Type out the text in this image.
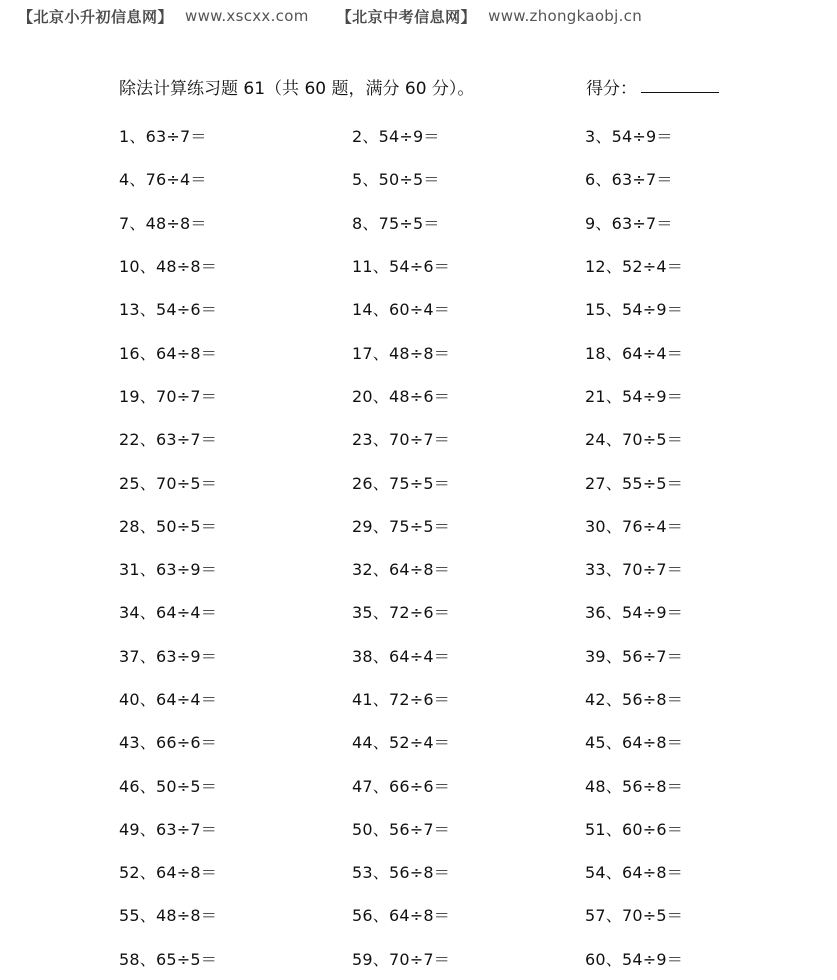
【北京小升初信息网】 www.xscxx.com 【北京中考信息网】 www.zhongkaobj.cn
除法计算练习题 61（共 60 题，满分 60 分）。	得分：
1、63÷7＝	2、54÷9＝	3、54÷9＝
4、76÷4＝	5、50÷5＝	6、63÷7＝
7、48÷8＝	8、75÷5＝	9、63÷7＝
10、48÷8＝	11、54÷6＝	12、52÷4＝
13、54÷6＝	14、60÷4＝	15、54÷9＝
16、64÷8＝	17、48÷8＝	18、64÷4＝
19、70÷7＝	20、48÷6＝	21、54÷9＝
22、63÷7＝	23、70÷7＝	24、70÷5＝
25、70÷5＝	26、75÷5＝	27、55÷5＝
28、50÷5＝	29、75÷5＝	30、76÷4＝
31、63÷9＝	32、64÷8＝	33、70÷7＝
34、64÷4＝	35、72÷6＝	36、54÷9＝
37、63÷9＝	38、64÷4＝	39、56÷7＝
40、64÷4＝	41、72÷6＝	42、56÷8＝
43、66÷6＝	44、52÷4＝	45、64÷8＝
46、50÷5＝	47、66÷6＝	48、56÷8＝
49、63÷7＝	50、56÷7＝	51、60÷6＝
52、64÷8＝	53、56÷8＝	54、64÷8＝
55、48÷8＝	56、64÷8＝	57、70÷5＝
58、65÷5＝	59、70÷7＝	60、54÷9＝
